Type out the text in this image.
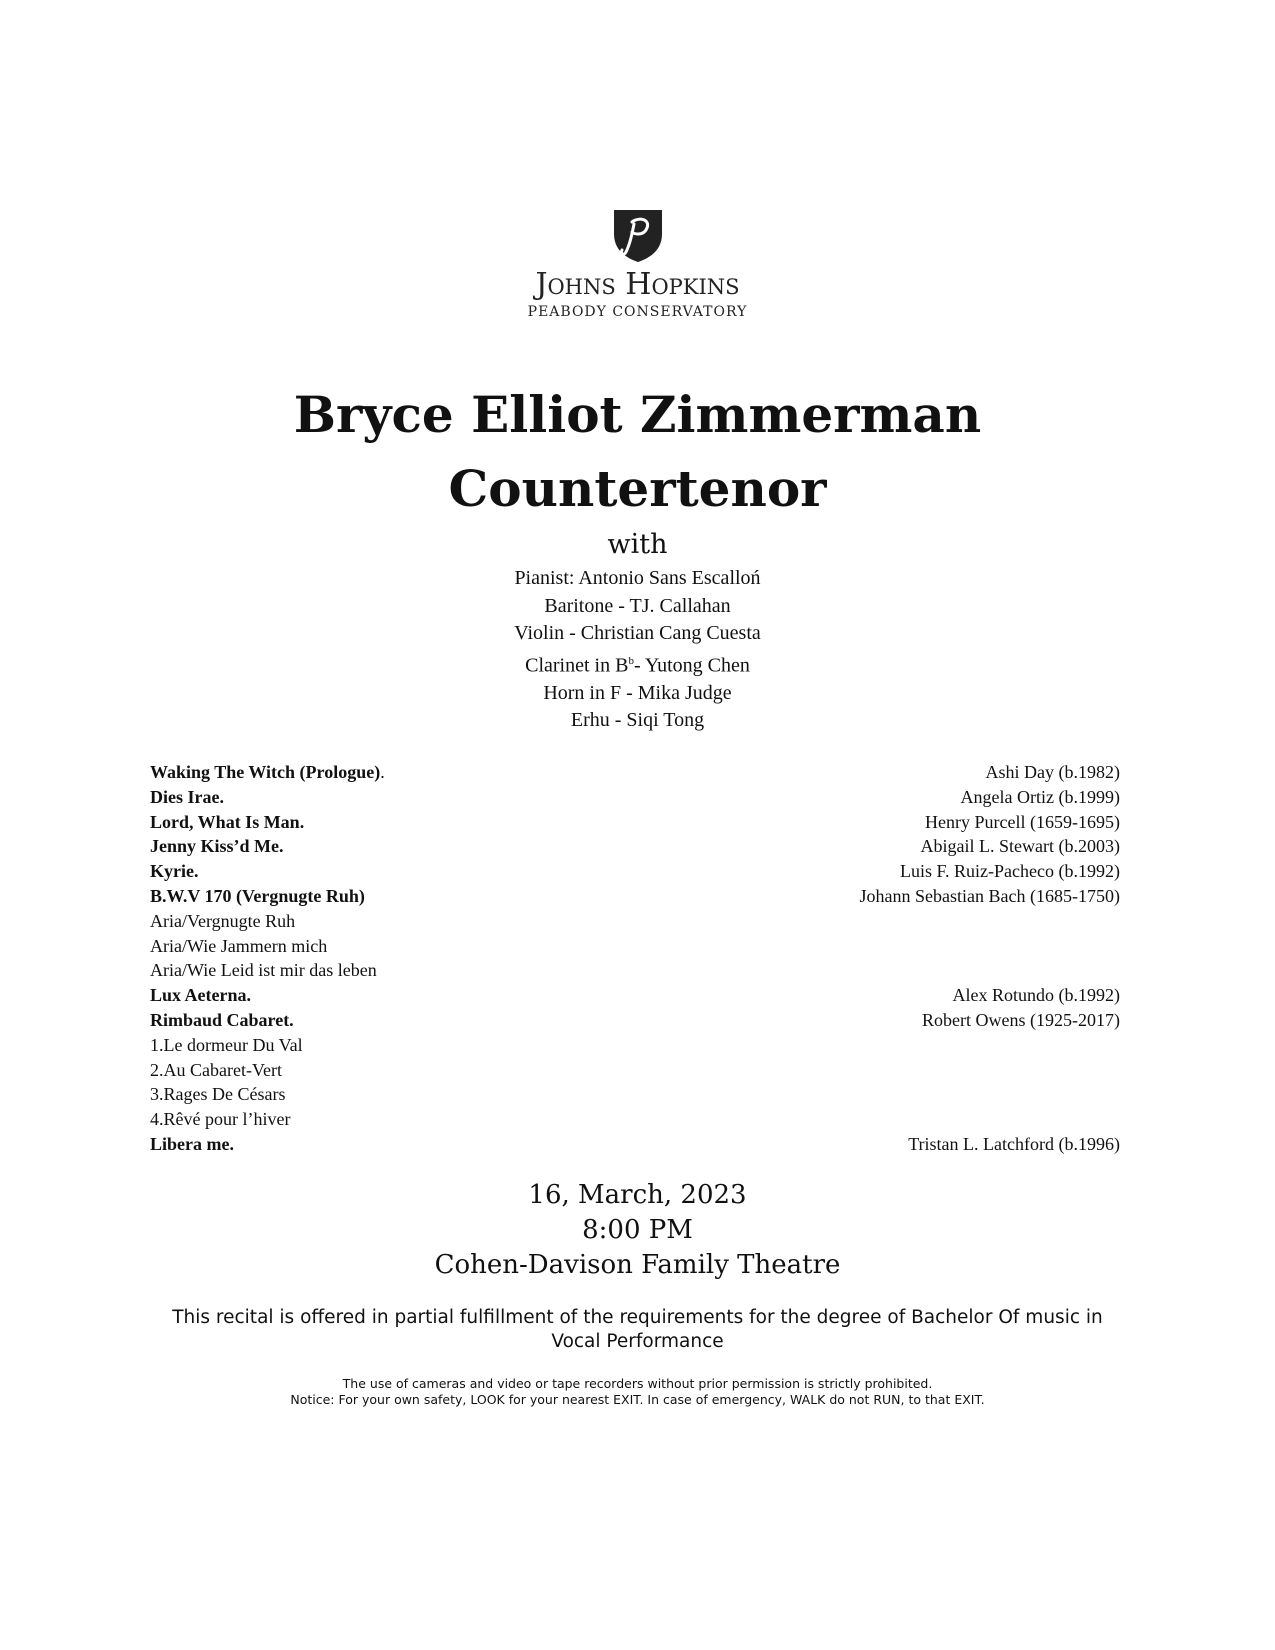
Johns Hopkins
PEABODY CONSERVATORY
Bryce Elliot Zimmerman
Countertenor
with
Pianist: Antonio Sans Escalloń
Baritone - TJ. Callahan
Violin - Christian Cang Cuesta
Clarinet in $B^b-$ Yutong Chen
Horn in F - Mika Judge
Erhu - Siqi Tong
Waking The Witch (Prologue).	Ashi Day (b.1982)
Dies Irae.	Angela Ortiz (b.1999)
Lord, What Is Man.	Henry Purcell (1659-1695)
Jenny Kiss’d Me.	Abigail L. Stewart (b.2003)
Kyrie.	Luis F. Ruiz-Pacheco (b.1992)
B.W.V 170 (Vergnugte Ruh)	Johann Sebastian Bach (1685-1750)
Aria/Vergnugte Ruh
Aria/Wie Jammern mich
Aria/Wie Leid ist mir das leben
Lux Aeterna.	Alex Rotundo (b.1992)
Rimbaud Cabaret.	Robert Owens (1925-2017)
1.Le dormeur Du Val
2.Au Cabaret-Vert
3.Rages De Césars
4.Rêvé pour l’hiver
Libera me.	Tristan L. Latchford (b.1996)
16, March, 2023
8:00 PM
Cohen-Davison Family Theatre
This recital is offered in partial fulfillment of the requirements for the degree of Bachelor Of music in Vocal Performance
The use of cameras and video or tape recorders without prior permission is strictly prohibited.
Notice: For your own safety, LOOK for your nearest EXIT. In case of emergency, WALK do not RUN, to that EXIT.
